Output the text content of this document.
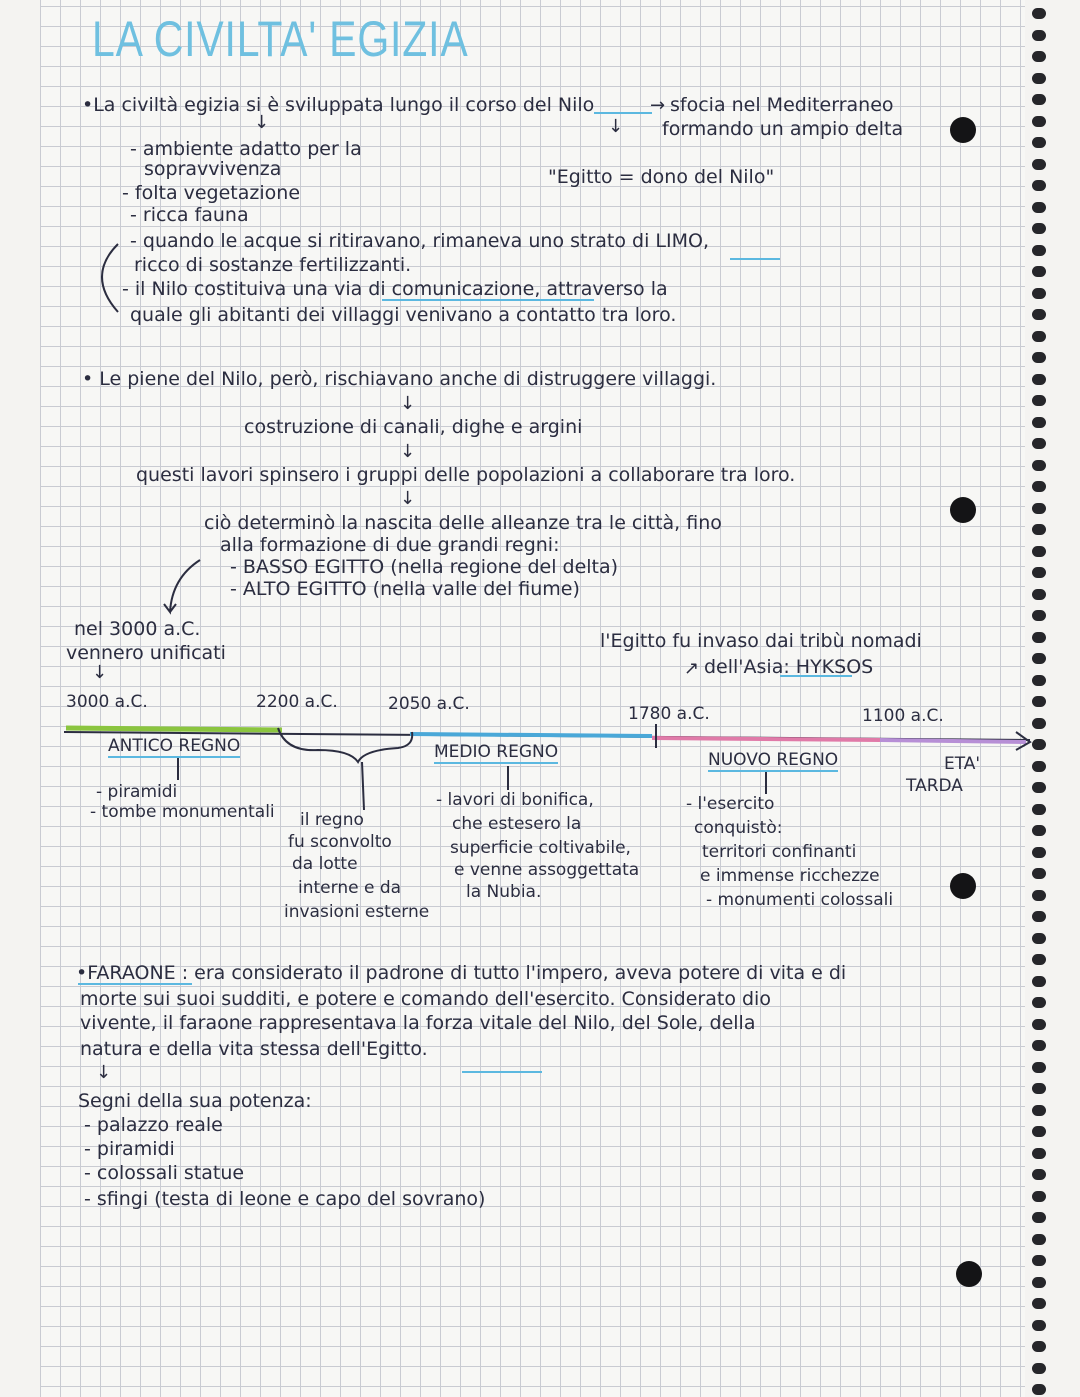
LA CIVILTA' EGIZIA
•La civiltà egizia si è sviluppata lungo il corso del Nilo	→ sfocia nel Mediterraneo
formando un ampio delta
↓	↓
"Egitto = dono del Nilo"
- ambiente adatto per la
sopravvivenza
- folta vegetazione
- ricca fauna
- quando le acque si ritiravano, rimaneva uno strato di LIMO,
ricco di sostanze fertilizzanti.
- il Nilo costituiva una via di comunicazione, attraverso la
quale gli abitanti dei villaggi venivano a contatto tra loro.
• Le piene del Nilo, però, rischiavano anche di distruggere villaggi.
↓
costruzione di canali, dighe e argini
↓
questi lavori spinsero i gruppi delle popolazioni a collaborare tra loro.
↓
ciò determinò la nascita delle alleanze tra le città, fino
alla formazione di due grandi regni:
- BASSO EGITTO (nella regione del delta)
- ALTO EGITTO (nella valle del fiume)
nel 3000 a.C.
vennero unificati
↓
l'Egitto fu invaso dai tribù nomadi
↗ dell'Asia: HYKSOS
3000 a.C.	2200 a.C.	2050 a.C.	1780 a.C.	1100 a.C.
ANTICO REGNO	MEDIO REGNO	NUOVO REGNO	ETA'
TARDA
- piramidi
- tombe monumentali il regno
fu sconvolto
da lotte
interne e da
invasioni esterne
- lavori di bonifica,
che estesero la
superficie coltivabile,
e venne assoggettata
la Nubia.
- l'esercito
conquistò:
territori confinanti
e immense ricchezze
- monumenti colossali
•FARAONE : era considerato il padrone di tutto l'impero, aveva potere di vita e di
morte sui suoi sudditi, e potere e comando dell'esercito. Considerato dio
vivente, il faraone rappresentava la forza vitale del Nilo, del Sole, della
natura e della vita stessa dell'Egitto.
↓
Segni della sua potenza:
- palazzo reale
- piramidi
- colossali statue
- sfingi (testa di leone e capo del sovrano)
